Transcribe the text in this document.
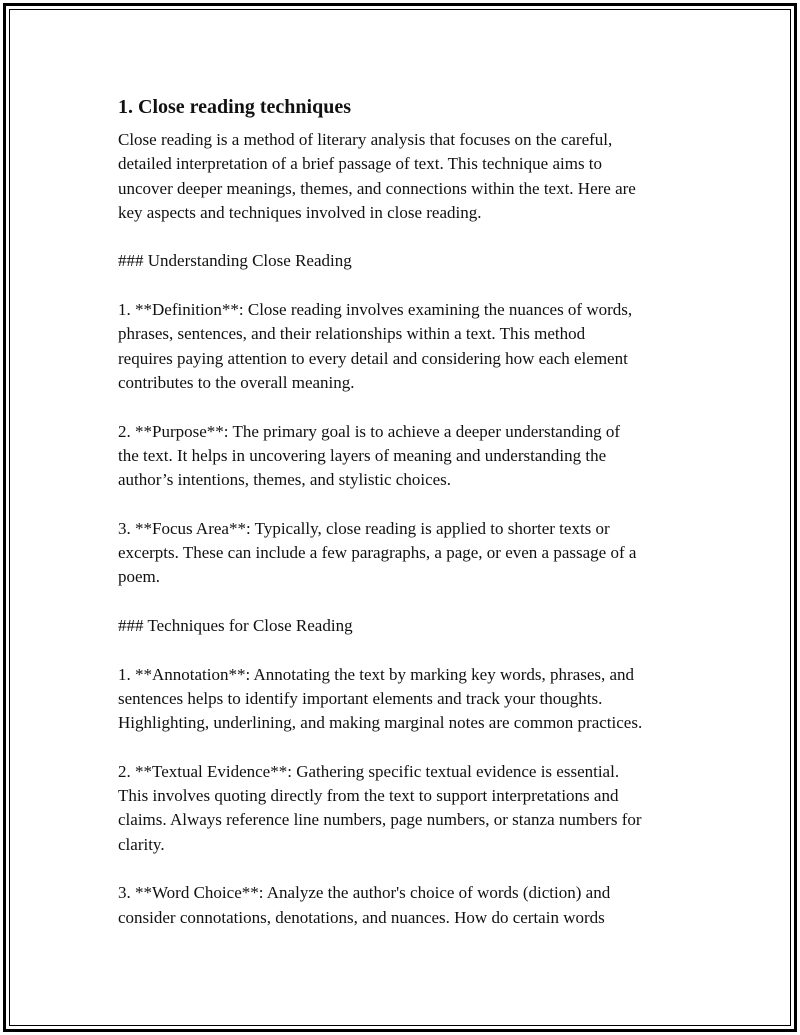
1. Close reading techniques

Close reading is a method of literary analysis that focuses on the careful,
detailed interpretation of a brief passage of text. This technique aims to
uncover deeper meanings, themes, and connections within the text. Here are
key aspects and techniques involved in close reading.

### Understanding Close Reading

1. **Definition**: Close reading involves examining the nuances of words,
phrases, sentences, and their relationships within a text. This method
requires paying attention to every detail and considering how each element
contributes to the overall meaning.

2. **Purpose**: The primary goal is to achieve a deeper understanding of
the text. It helps in uncovering layers of meaning and understanding the
author’s intentions, themes, and stylistic choices.

3. **Focus Area**: Typically, close reading is applied to shorter texts or
excerpts. These can include a few paragraphs, a page, or even a passage of a
poem.

### Techniques for Close Reading

1. **Annotation**: Annotating the text by marking key words, phrases, and
sentences helps to identify important elements and track your thoughts.
Highlighting, underlining, and making marginal notes are common practices.

2. **Textual Evidence**: Gathering specific textual evidence is essential.
This involves quoting directly from the text to support interpretations and
claims. Always reference line numbers, page numbers, or stanza numbers for
clarity.

3. **Word Choice**: Analyze the author's choice of words (diction) and
consider connotations, denotations, and nuances. How do certain words
